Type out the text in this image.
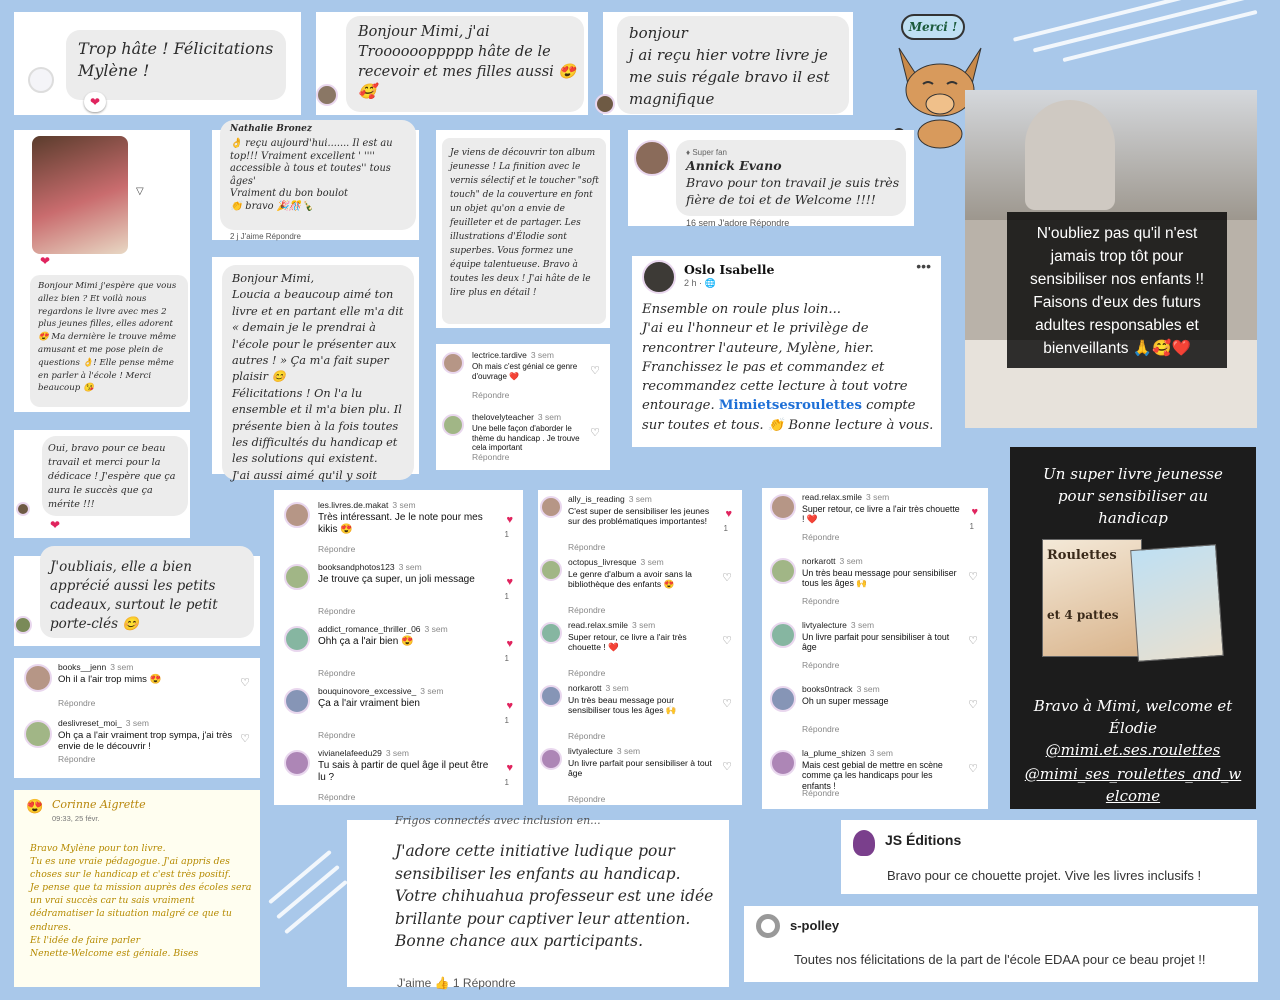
Trop hâte ! Félicitations Mylène !
❤
Bonjour Mimi, j'ai Trooooooppppp hâte de le recevoir et mes filles aussi 😍🥰
bonjour
j ai reçu hier votre livre je me suis régale bravo il est magnifique
Merci !
N'oubliez pas qu'il n'est jamais trop tôt pour sensibiliser nos enfants !! Faisons d'eux des futurs adultes responsables et bienveillants 🙏🥰❤️
▽
❤
Bonjour Mimi j'espère que vous allez bien ? Et voilà nous regardons le livre avec mes 2 plus jeunes filles, elles adorent 😍 Ma dernière le trouve même amusant et me pose plein de questions 👌! Elle pense même en parler à l'école ! Merci beaucoup 😘
Nathalie Bronez
👌 reçu aujourd'hui....... Il est au top!!! Vraiment excellent ' '''' accessible à tous et toutes'' tous âges'
Vraiment du bon boulot
👏 bravo 🎉🎊🍾
2 j J'aime Répondre
Je viens de découvrir ton album jeunesse ! La finition avec le vernis sélectif et le toucher "soft touch" de la couverture en font un objet qu'on a envie de feuilleter et de partager. Les illustrations d'Élodie sont superbes. Vous formez une équipe talentueuse. Bravo à toutes les deux ! J'ai hâte de le lire plus en détail !
♦ Super fan
Annick Evano
Bravo pour ton travail je suis très fière de toi et de Welcome !!!!
16 sem J'adore Répondre
Bonjour Mimi,
Loucia a beaucoup aimé ton livre et en partant elle m'a dit « demain je le prendrai à l'école pour le présenter aux autres ! » Ça m'a fait super plaisir 😊
Félicitations ! On l'a lu ensemble et il m'a bien plu. Il présente bien à la fois toutes les difficultés du handicap et les solutions qui existent.
J'ai aussi aimé qu'il y soit
lectrice.tardive 3 sem
Oh mais c'est génial ce genre d'ouvrage ❤️
Répondre
♡
thelovelyteacher 3 sem
Une belle façon d'aborder le thème du handicap . Je trouve cela important
Répondre
♡
Oslo Isabelle
2 h · 🌐
•••
Ensemble on roule plus loin...
J'ai eu l'honneur et le privilège de rencontrer l'auteure, Mylène, hier. Franchissez le pas et commandez et recommandez cette lecture à tout votre entourage. Mimietsesroulettes compte sur toutes et tous. 👏 Bonne lecture à vous.
Oui, bravo pour ce beau travail et merci pour la dédicace ! J'espère que ça aura le succès que ça mérite !!!
❤
J'oubliais, elle a bien apprécié aussi les petits cadeaux, surtout le petit porte-clés 😊
books__jenn 3 sem
Oh il a l'air trop mims 😍
Répondre
♡
deslivreset_moi_ 3 sem
Oh ça a l'air vraiment trop sympa, j'ai très envie de le découvrir !
Répondre
♡
les.livres.de.makat 3 sem
Très intéressant. Je le note pour mes kikis 😍
Répondre
♥
1
booksandphotos123 3 sem
Je trouve ça super, un joli message
Répondre
♥
1
addict_romance_thriller_06 3 sem
Ohh ça a l'air bien 😍
Répondre
♥
1
bouquinovore_excessive_ 3 sem
Ça a l'air vraiment bien
Répondre
♥
1
vivianelafeedu29 3 sem
Tu sais à partir de quel âge il peut être lu ?
Répondre
♥
1
ally_is_reading 3 sem
C'est super de sensibiliser les jeunes sur des problématiques importantes!
Répondre
♥
1
octopus_livresque 3 sem
Le genre d'album a avoir sans la bibliothèque des enfants 😍
Répondre
♡
read.relax.smile 3 sem
Super retour, ce livre a l'air très chouette ! ❤️
Répondre
♡
norkarott 3 sem
Un très beau message pour sensibiliser tous les âges 🙌
Répondre
♡
livtyalecture 3 sem
Un livre parfait pour sensibiliser à tout âge
Répondre
♡
read.relax.smile 3 sem
Super retour, ce livre a l'air très chouette ! ❤️
Répondre
♥
1
norkarott 3 sem
Un très beau message pour sensibiliser tous les âges 🙌
Répondre
♡
livtyalecture 3 sem
Un livre parfait pour sensibiliser à tout âge
Répondre
♡
books0ntrack 3 sem
Oh un super message
Répondre
♡
la_plume_shizen 3 sem
Mais cest gebial de mettre en scène comme ça les handicaps pour les enfants !
Répondre
♡
Un super livre jeunesse pour sensibiliser au handicap
Roulettes
et 4 pattes
Bravo à Mimi, welcome et Élodie
@mimi.et.ses.roulettes
@mimi_ses_roulettes_and_welcome
😍 Corinne Aigrette
09:33, 25 févr.
Bravo Mylène pour ton livre.
Tu es une vraie pédagogue. J'ai appris des choses sur le handicap et c'est très positif.
Je pense que ta mission auprès des écoles sera un vrai succès car tu sais vraiment dédramatiser la situation malgré ce que tu endures.
Et l'idée de faire parler
Nenette-Welcome est géniale. Bises
Frigos connectés avec inclusion en...
J'adore cette initiative ludique pour sensibiliser les enfants au handicap. Votre chihuahua professeur est une idée brillante pour captiver leur attention. Bonne chance aux participants.
J'aime 👍 1 Répondre
JS Éditions
Bravo pour ce chouette projet. Vive les livres inclusifs !
s-polley
Toutes nos félicitations de la part de l'école EDAA pour ce beau projet !!
